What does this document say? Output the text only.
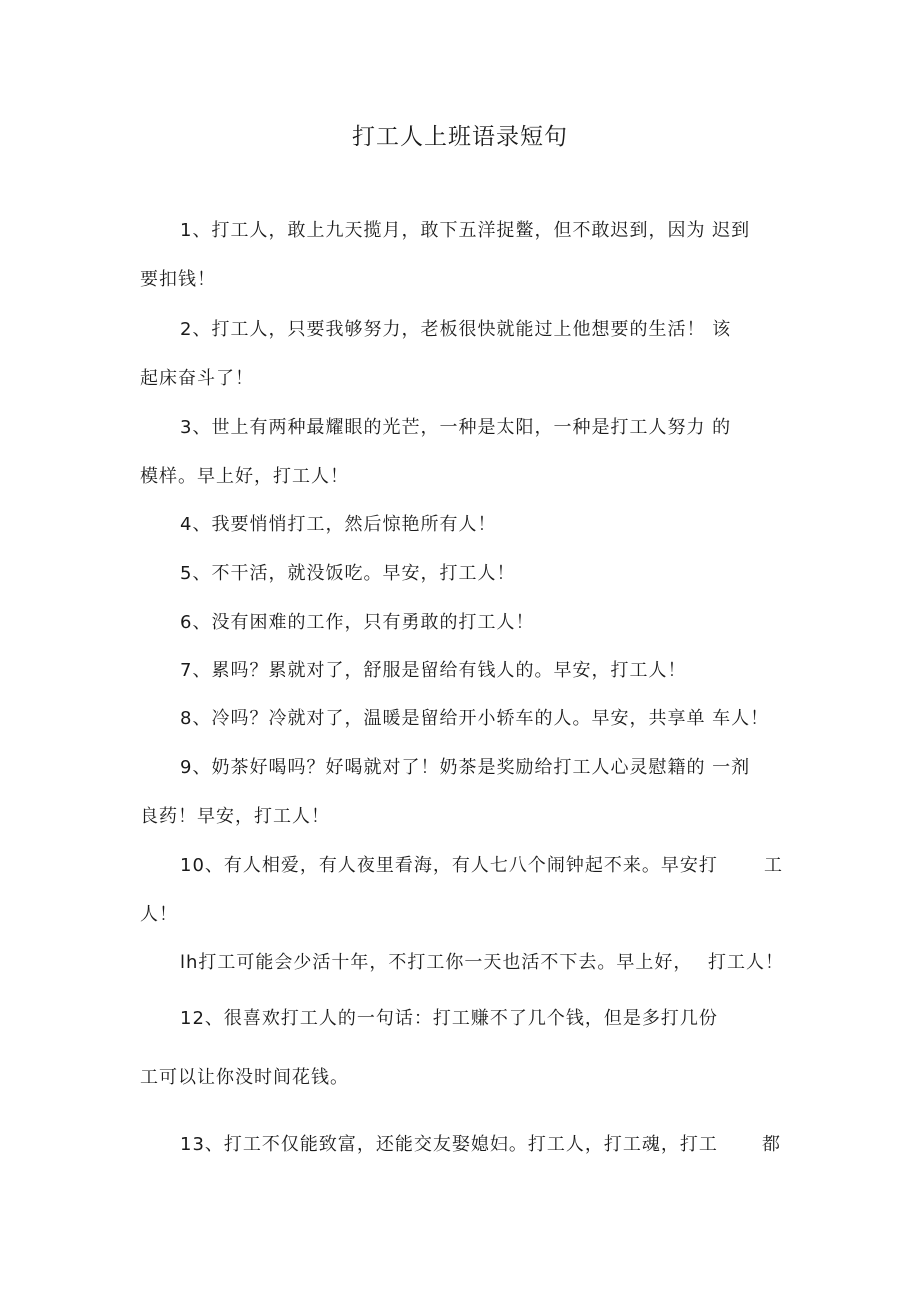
打工人上班语录短句
1、打工人，敢上九天揽月，敢下五洋捉鳖，但不敢迟到，因为 迟到
要扣钱！
2、打工人，只要我够努力，老板很快就能过上他想要的生活！ 该
起床奋斗了！
3、世上有两种最耀眼的光芒，一种是太阳，一种是打工人努力 的
模样。早上好，打工人！
4、我要悄悄打工，然后惊艳所有人！
5、不干活，就没饭吃。早安，打工人！
6、没有困难的工作，只有勇敢的打工人！
7、累吗？累就对了，舒服是留给有钱人的。早安，打工人！
8、冷吗？冷就对了，温暖是留给开小轿车的人。早安，共享单 车人！
9、奶茶好喝吗？好喝就对了！奶茶是奖励给打工人心灵慰籍的 一剂
良药！早安，打工人！
10、有人相爱，有人夜里看海，有人七八个闹钟起不来。早安打	工
人！
lh打工可能会少活十年，不打工你一天也活不下去。早上好， 打工人！
12、很喜欢打工人的一句话：打工赚不了几个钱，但是多打几份
工可以让你没时间花钱。
13、打工不仅能致富，还能交友娶媳妇。打工人，打工魂，打工 都
